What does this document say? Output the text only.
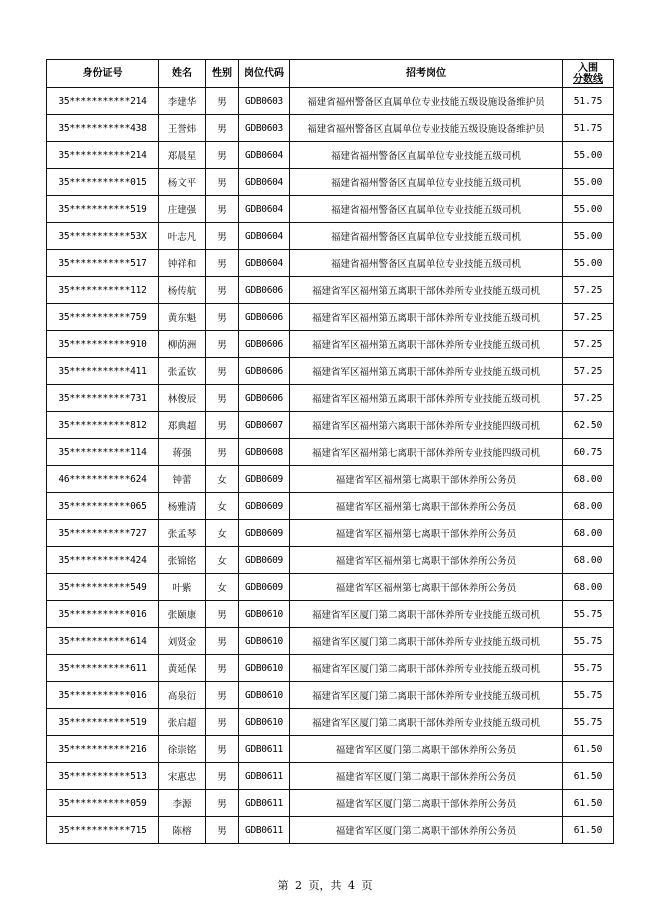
身份证号	姓名	性别	岗位代码	招考岗位	入围
分数线

35***********214	李建华	男	GDB0603	福建省福州警备区直属单位专业技能五级设施设备维护员	51.75
35***********438	王誉炜	男	GDB0603	福建省福州警备区直属单位专业技能五级设施设备维护员	51.75
35***********214	郑晨星	男	GDB0604	福建省福州警备区直属单位专业技能五级司机	55.00
35***********015	杨文平	男	GDB0604	福建省福州警备区直属单位专业技能五级司机	55.00
35***********519	庄建强	男	GDB0604	福建省福州警备区直属单位专业技能五级司机	55.00
35***********53X	叶志凡	男	GDB0604	福建省福州警备区直属单位专业技能五级司机	55.00
35***********517	钟祥和	男	GDB0604	福建省福州警备区直属单位专业技能五级司机	55.00
35***********112	杨传航	男	GDB0606	福建省军区福州第五离职干部休养所专业技能五级司机	57.25
35***********759	黄东魁	男	GDB0606	福建省军区福州第五离职干部休养所专业技能五级司机	57.25
35***********910	柳荫洲	男	GDB0606	福建省军区福州第五离职干部休养所专业技能五级司机	57.25
35***********411	张孟钦	男	GDB0606	福建省军区福州第五离职干部休养所专业技能五级司机	57.25
35***********731	林俊辰	男	GDB0606	福建省军区福州第五离职干部休养所专业技能五级司机	57.25
35***********812	郑典超	男	GDB0607	福建省军区福州第六离职干部休养所专业技能四级司机	62.50
35***********114	蒋强	男	GDB0608	福建省军区福州第七离职干部休养所专业技能四级司机	60.75
46***********624	钟蕾	女	GDB0609	福建省军区福州第七离职干部休养所公务员	68.00
35***********065	杨雅清	女	GDB0609	福建省军区福州第七离职干部休养所公务员	68.00
35***********727	张孟琴	女	GDB0609	福建省军区福州第七离职干部休养所公务员	68.00
35***********424	张锦铭	女	GDB0609	福建省军区福州第七离职干部休养所公务员	68.00
35***********549	叶紫	女	GDB0609	福建省军区福州第七离职干部休养所公务员	68.00
35***********016	张颐康	男	GDB0610	福建省军区厦门第二离职干部休养所专业技能五级司机	55.75
35***********614	刘贤金	男	GDB0610	福建省军区厦门第二离职干部休养所专业技能五级司机	55.75
35***********611	黄延保	男	GDB0610	福建省军区厦门第二离职干部休养所专业技能五级司机	55.75
35***********016	高泉衍	男	GDB0610	福建省军区厦门第二离职干部休养所专业技能五级司机	55.75
35***********519	张启超	男	GDB0610	福建省军区厦门第二离职干部休养所专业技能五级司机	55.75
35***********216	徐崇铭	男	GDB0611	福建省军区厦门第二离职干部休养所公务员	61.50
35***********513	宋惠忠	男	GDB0611	福建省军区厦门第二离职干部休养所公务员	61.50
35***********059	李源	男	GDB0611	福建省军区厦门第二离职干部休养所公务员	61.50
35***********715	陈榕	男	GDB0611	福建省军区厦门第二离职干部休养所公务员	61.50
第 2 页，共 4 页
